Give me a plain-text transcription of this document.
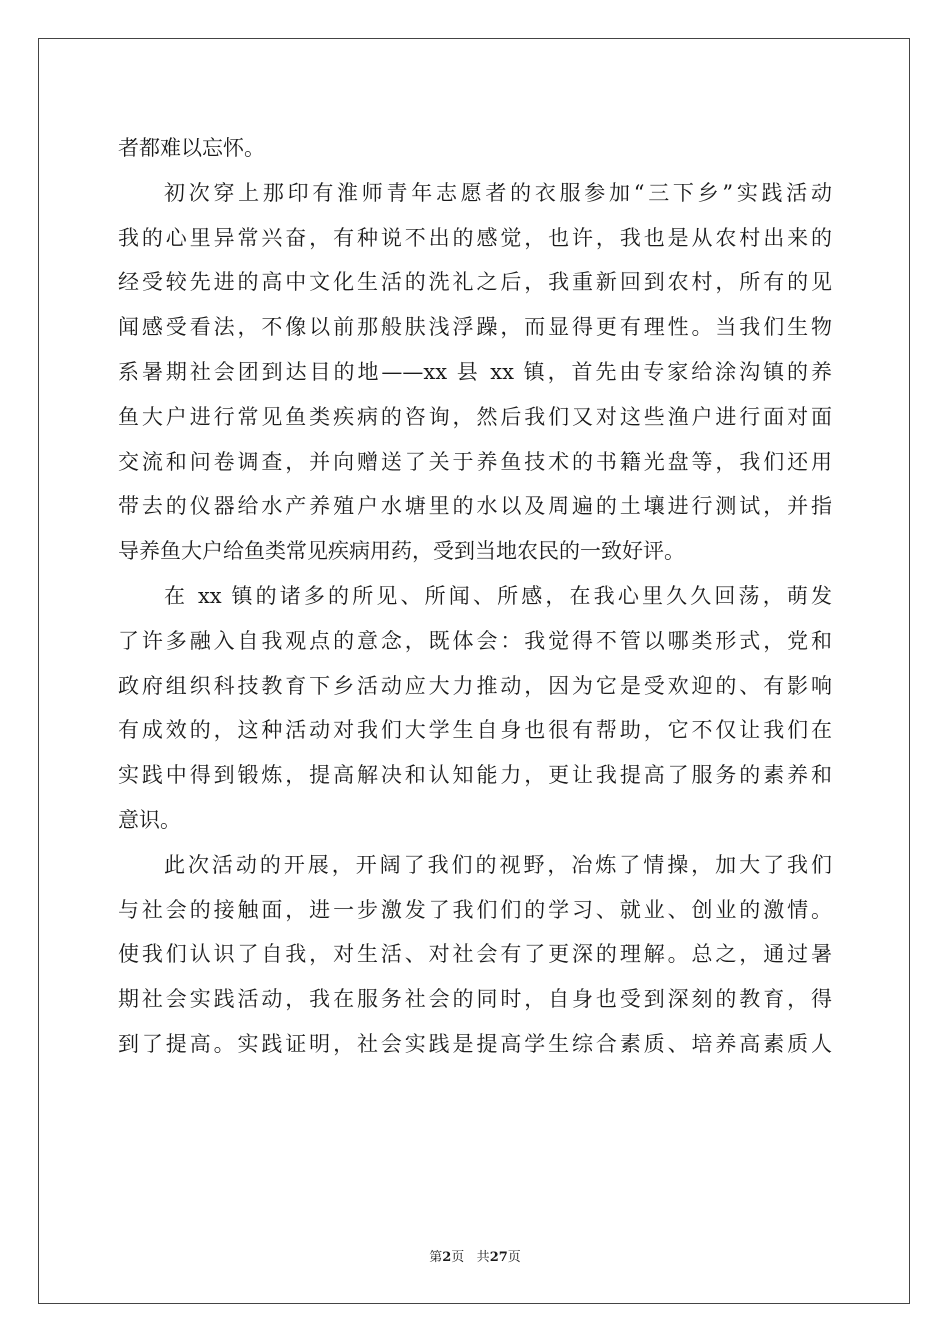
者都难以忘怀。
初次穿上那印有淮师青年志愿者的衣服参加“三下乡”实践活动
我的心里异常兴奋，有种说不出的感觉，也许，我也是从农村出来的
经受较先进的高中文化生活的洗礼之后，我重新回到农村，所有的见
闻感受看法，不像以前那般肤浅浮躁，而显得更有理性。当我们生物
系暑期社会团到达目的地——xx 县 xx 镇，首先由专家给涂沟镇的养
鱼大户进行常见鱼类疾病的咨询，然后我们又对这些渔户进行面对面
交流和问卷调查，并向赠送了关于养鱼技术的书籍光盘等，我们还用
带去的仪器给水产养殖户水塘里的水以及周遍的土壤进行测试，并指
导养鱼大户给鱼类常见疾病用药，受到当地农民的一致好评。
在 xx 镇的诸多的所见、所闻、所感，在我心里久久回荡，萌发
了许多融入自我观点的意念，既体会：我觉得不管以哪类形式，党和
政府组织科技教育下乡活动应大力推动，因为它是受欢迎的、有影响
有成效的，这种活动对我们大学生自身也很有帮助，它不仅让我们在
实践中得到锻炼，提高解决和认知能力，更让我提高了服务的素养和
意识。
此次活动的开展，开阔了我们的视野，冶炼了情操，加大了我们
与社会的接触面，进一步激发了我们们的学习、就业、创业的激情。
使我们认识了自我，对生活、对社会有了更深的理解。总之，通过暑
期社会实践活动，我在服务社会的同时，自身也受到深刻的教育，得
到了提高。实践证明，社会实践是提高学生综合素质、培养高素质人
第2页 共27页
